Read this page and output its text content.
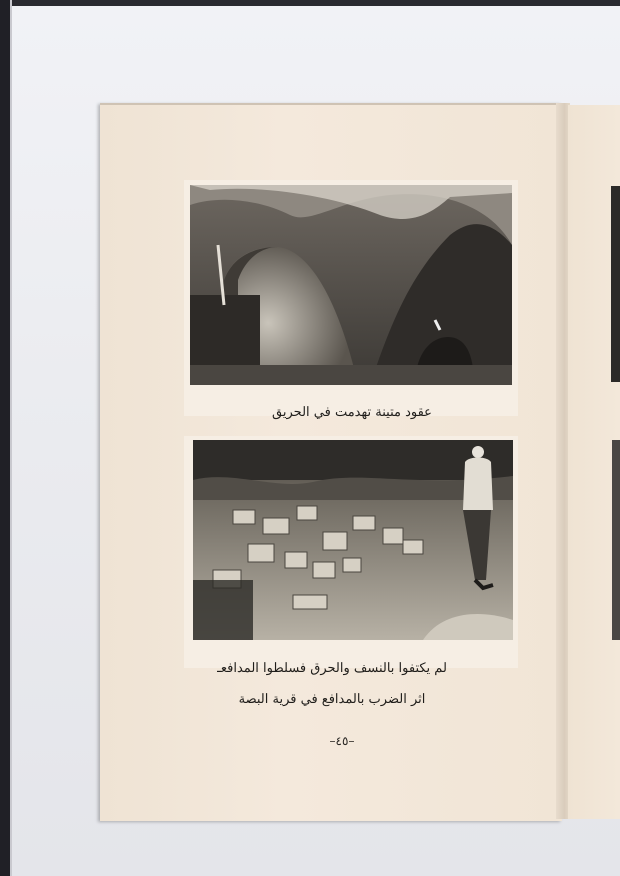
عقود متينة تهدمت في الحريق
لم يكتفوا بالنسف والحرق فسلطوا المدافع‍ـ
اثر الضرب بالمدافع في قرية البصة
–٤٥–
